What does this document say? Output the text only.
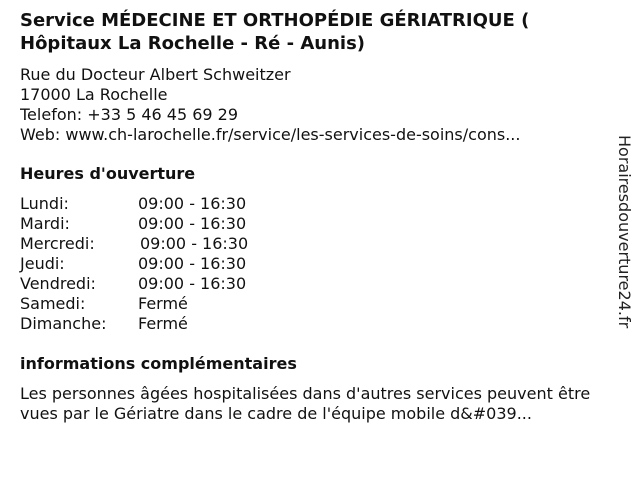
Service MÉDECINE ET ORTHOPÉDIE GÉRIATRIQUE ( Hôpitaux La Rochelle - Ré - Aunis)
Rue du Docteur Albert Schweitzer
17000 La Rochelle
Telefon: +33 5 46 45 69 29
Web: www.ch-larochelle.fr/service/les-services-de-soins/cons...
Heures d'ouverture
Lundi:	09:00 - 16:30
Mardi:	09:00 - 16:30
Mercredi:	09:00 - 16:30
Jeudi:	09:00 - 16:30
Vendredi:	09:00 - 16:30
Samedi:	Fermé
Dimanche: Fermé
informations complémentaires
Les personnes âgées hospitalisées dans d'autres services peuvent être vues par le Gériatre dans le cadre de l'équipe mobile d&#039...
Horairesdouverture24.fr
